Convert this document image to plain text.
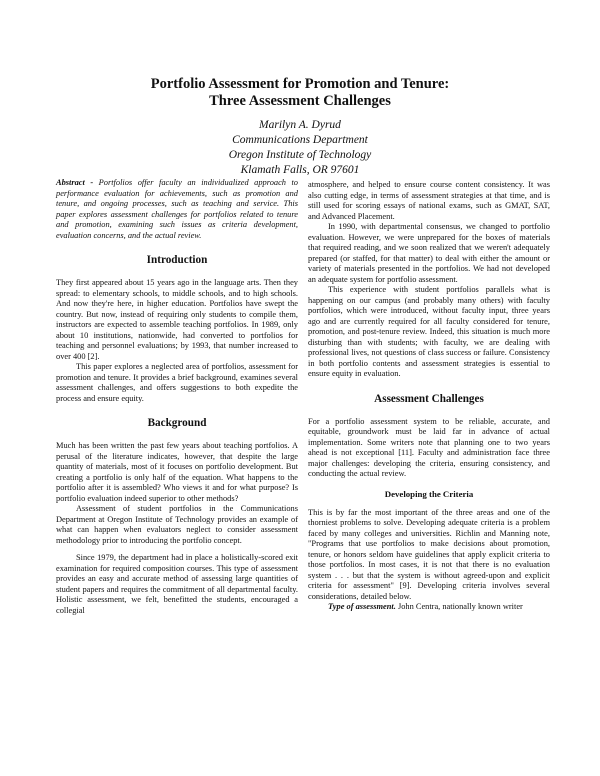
Portfolio Assessment for Promotion and Tenure:
Three Assessment Challenges
Marilyn A. Dyrud
Communications Department
Oregon Institute of Technology
Klamath Falls, OR 97601

Abstract - Portfolios offer faculty an individualized approach to performance evaluation for achievements, such as promotion and tenure, and ongoing processes, such as teaching and service. This paper explores assessment challenges for portfolios related to tenure and promotion, examining such issues as criteria development, evaluation concerns, and the actual review.

Introduction

They first appeared about 15 years ago in the language arts. Then they spread: to elementary schools, to middle schools, and to high schools. And now they're here, in higher education. Portfolios have swept the country. But now, instead of requiring only students to compile them, instructors are expected to assemble teaching portfolios. In 1989, only about 10 institutions, nationwide, had converted to portfolios for teaching and personnel evaluations; by 1993, that number increased to over 400 [2].

This paper explores a neglected area of portfolios, assessment for promotion and tenure. It provides a brief background, examines several assessment challenges, and offers suggestions to both expedite the process and ensure equity.

Background

Much has been written the past few years about teaching portfolios. A perusal of the literature indicates, however, that despite the large quantity of materials, most of it focuses on portfolio development. But creating a portfolio is only half of the equation. What happens to the portfolio after it is assembled? Who views it and for what purpose? Is portfolio evaluation indeed superior to other methods?

Assessment of student portfolios in the Communications Department at Oregon Institute of Technology provides an example of what can happen when evaluators neglect to consider assessment methodology prior to introducing the portfolio concept.

Since 1979, the department had in place a holistically-scored exit examination for required composition courses. This type of assessment provides an easy and accurate method of assessing large quantities of student papers and requires the commitment of all departmental faculty. Holistic assessment, we felt, benefitted the students, encouraged a collegial

atmosphere, and helped to ensure course content consistency. It was also cutting edge, in terms of assessment strategies at that time, and is still used for scoring essays of national exams, such as GMAT, SAT, and Advanced Placement.

In 1990, with departmental consensus, we changed to portfolio evaluation. However, we were unprepared for the boxes of materials that required reading, and we soon realized that we weren't adequately prepared (or staffed, for that matter) to deal with either the amount or variety of materials presented in the portfolios. We had not developed an adequate system for portfolio assessment.

This experience with student portfolios parallels what is happening on our campus (and probably many others) with faculty portfolios, which were introduced, without faculty input, three years ago and are currently required for all faculty considered for tenure, promotion, and post-tenure review. Indeed, this situation is much more disturbing than with students; with faculty, we are dealing with professional lives, not questions of class success or failure. Consistency in both portfolio contents and assessment strategies is essential to ensure equity in evaluation.

Assessment Challenges

For a portfolio assessment system to be reliable, accurate, and equitable, groundwork must be laid far in advance of actual implementation. Some writers note that planning one to two years ahead is not exceptional [11]. Faculty and administration face three major challenges: developing the criteria, ensuring consistency, and conducting the actual review.

Developing the Criteria

This is by far the most important of the three areas and one of the thorniest problems to solve. Developing adequate criteria is a problem faced by many colleges and universities. Richlin and Manning note, "Programs that use portfolios to make decisions about promotion, tenure, or honors seldom have guidelines that apply explicit criteria to those portfolios. In most cases, it is not that there is no evaluation system . . . but that the system is without agreed-upon and explicit criteria for assessment" [9]. Developing criteria involves several considerations, detailed below.

Type of assessment. John Centra, nationally known writer
